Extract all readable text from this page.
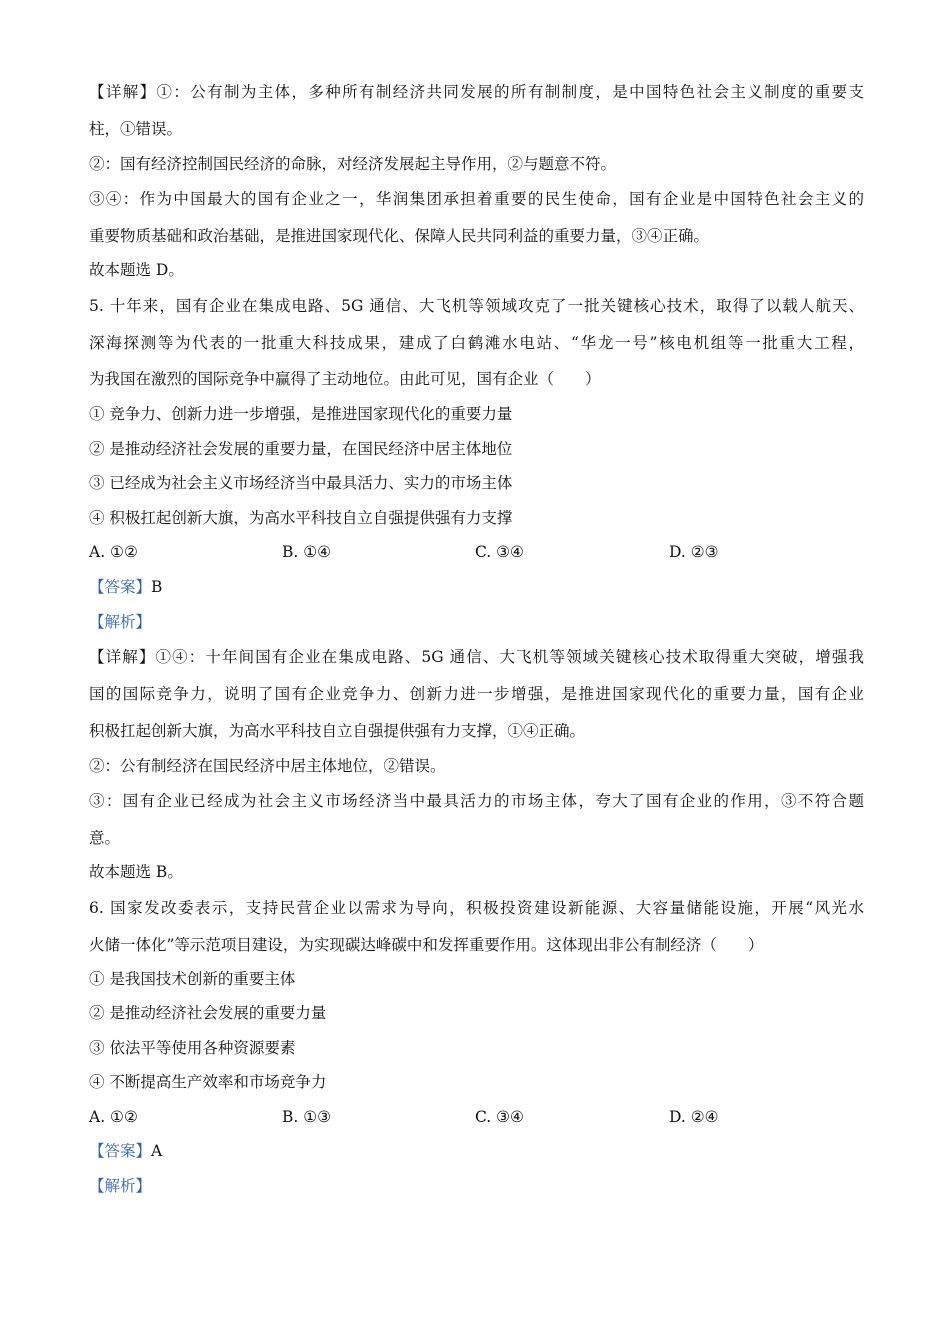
【详解】①：公有制为主体，多种所有制经济共同发展的所有制制度，是中国特色社会主义制度的重要支
柱，①错误。
②：国有经济控制国民经济的命脉，对经济发展起主导作用，②与题意不符。
③④：作为中国最大的国有企业之一，华润集团承担着重要的民生使命，国有企业是中国特色社会主义的
重要物质基础和政治基础，是推进国家现代化、保障人民共同利益的重要力量，③④正确。
故本题选 D。
5. 十年来，国有企业在集成电路、5G 通信、大飞机等领域攻克了一批关键核心技术，取得了以载人航天、
深海探测等为代表的一批重大科技成果，建成了白鹤滩水电站、“华龙一号”核电机组等一批重大工程，
为我国在激烈的国际竞争中赢得了主动地位。由此可见，国有企业（　　）
① 竞争力、创新力进一步增强，是推进国家现代化的重要力量
② 是推动经济社会发展的重要力量，在国民经济中居主体地位
③ 已经成为社会主义市场经济当中最具活力、实力的市场主体
④ 积极扛起创新大旗，为高水平科技自立自强提供强有力支撑
A. ①②	B. ①④	C. ③④	D. ②③
【答案】B
【解析】
【详解】①④：十年间国有企业在集成电路、5G 通信、大飞机等领域关键核心技术取得重大突破，增强我
国的国际竞争力，说明了国有企业竞争力、创新力进一步增强，是推进国家现代化的重要力量，国有企业
积极扛起创新大旗，为高水平科技自立自强提供强有力支撑，①④正确。
②：公有制经济在国民经济中居主体地位，②错误。
③：国有企业已经成为社会主义市场经济当中最具活力的市场主体，夸大了国有企业的作用，③不符合题
意。
故本题选 B。
6. 国家发改委表示，支持民营企业以需求为导向，积极投资建设新能源、大容量储能设施，开展“风光水
火储一体化”等示范项目建设，为实现碳达峰碳中和发挥重要作用。这体现出非公有制经济（　　）
① 是我国技术创新的重要主体
② 是推动经济社会发展的重要力量
③ 依法平等使用各种资源要素
④ 不断提高生产效率和市场竞争力
A. ①②	B. ①③	C. ③④	D. ②④
【答案】A
【解析】
